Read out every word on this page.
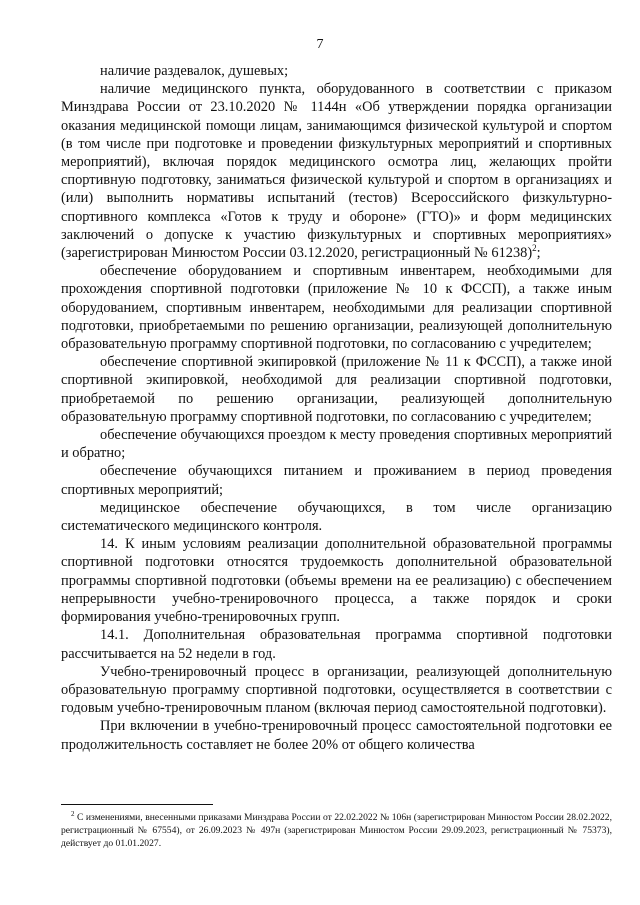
7

наличие раздевалок, душевых;

наличие медицинского пункта, оборудованного в соответствии с приказом Минздрава России от 23.10.2020 № 1144н «Об утверждении порядка организации оказания медицинской помощи лицам, занимающимся физической культурой и спортом (в том числе при подготовке и проведении физкультурных мероприятий и спортивных мероприятий), включая порядок медицинского осмотра лиц, желающих пройти спортивную подготовку, заниматься физической культурой и спортом в организациях и (или) выполнить нормативы испытаний (тестов) Всероссийского физкультурно-спортивного комплекса «Готов к труду и обороне» (ГТО)» и форм медицинских заключений о допуске к участию физкультурных и спортивных мероприятиях» (зарегистрирован Минюстом России 03.12.2020, регистрационный № 61238)$^2$;

обеспечение оборудованием и спортивным инвентарем, необходимыми для прохождения спортивной подготовки (приложение № 10 к ФССП), а также иным оборудованием, спортивным инвентарем, необходимыми для реализации спортивной подготовки, приобретаемыми по решению организации, реализующей дополнительную образовательную программу спортивной подготовки, по согласованию с учредителем;

обеспечение спортивной экипировкой (приложение № 11 к ФССП), а также иной спортивной экипировкой, необходимой для реализации спортивной подготовки, приобретаемой по решению организации, реализующей дополнительную образовательную программу спортивной подготовки, по согласованию с учредителем;

обеспечение обучающихся проездом к месту проведения спортивных мероприятий и обратно;

обеспечение обучающихся питанием и проживанием в период проведения спортивных мероприятий;

медицинское обеспечение обучающихся, в том числе организацию систематического медицинского контроля.

14. К иным условиям реализации дополнительной образовательной программы спортивной подготовки относятся трудоемкость дополнительной образовательной программы спортивной подготовки (объемы времени на ее реализацию) с обеспечением непрерывности учебно-тренировочного процесса, а также порядок и сроки формирования учебно-тренировочных групп.

14.1. Дополнительная образовательная программа спортивной подготовки рассчитывается на 52 недели в год.

Учебно-тренировочный процесс в организации, реализующей дополнительную образовательную программу спортивной подготовки, осуществляется в соответствии с годовым учебно-тренировочным планом (включая период самостоятельной подготовки).

При включении в учебно-тренировочный процесс самостоятельной подготовки ее продолжительность составляет не более 20% от общего количества

$^2$ С изменениями, внесенными приказами Минздрава России от 22.02.2022 № 106н (зарегистрирован Минюстом России 28.02.2022, регистрационный № 67554), от 26.09.2023 № 497н (зарегистрирован Минюстом России 29.09.2023, регистрационный № 75373), действует до 01.01.2027.
